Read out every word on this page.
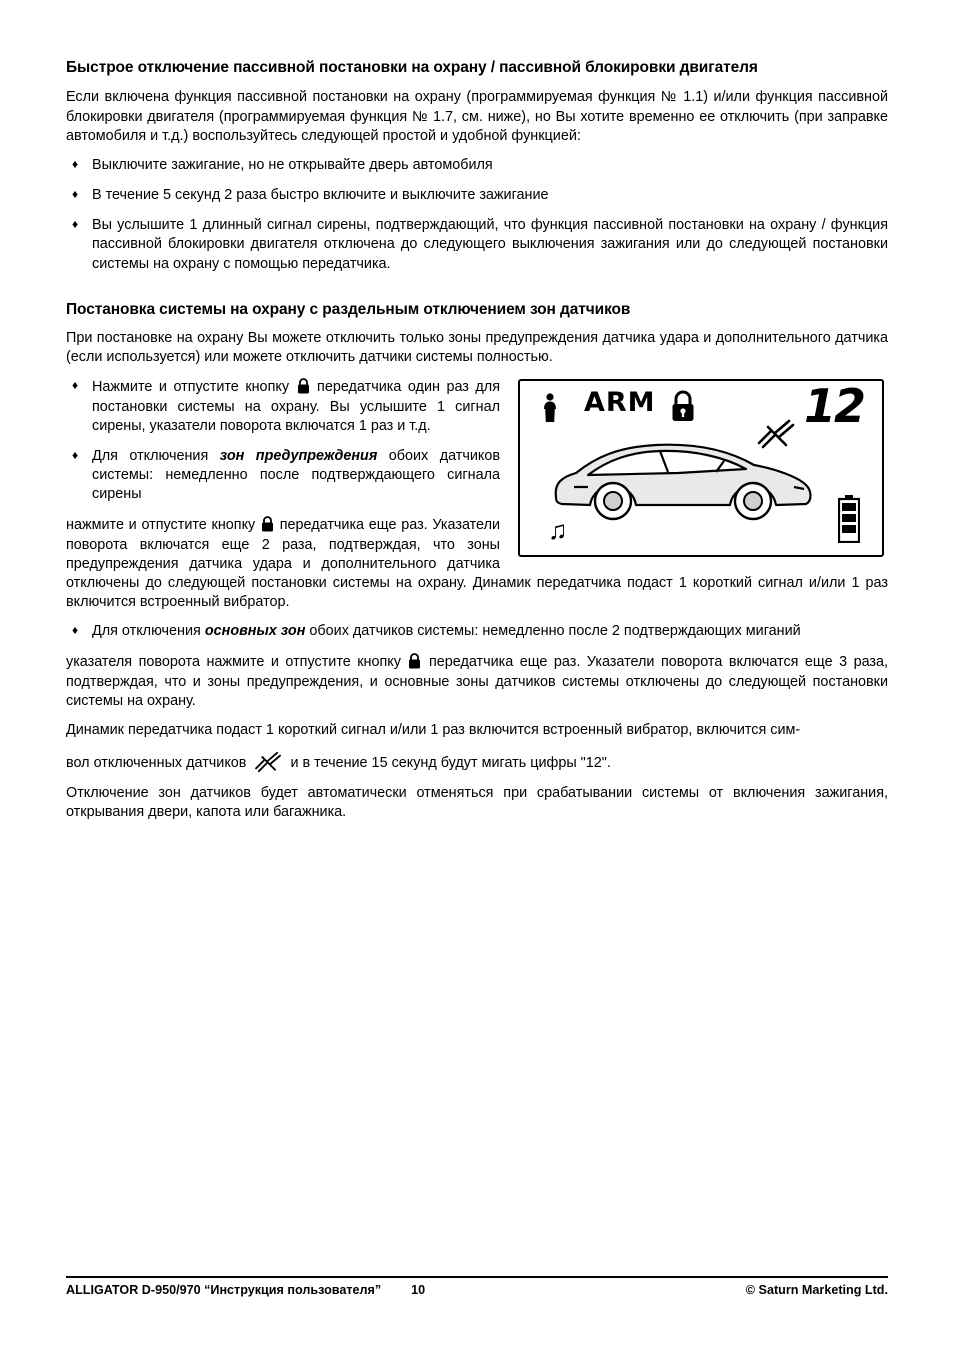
Быстрое отключение пассивной постановки на охрану / пассивной блокировки двигателя

Если включена функция пассивной постановки на охрану (программируемая функция № 1.1) и/или функция пассивной блокировки двигателя (программируемая функция № 1.7, см. ниже), но Вы хотите временно ее отключить (при заправке автомобиля и т.д.) воспользуйтесь следующей простой и удобной функцией:

♦ Выключите зажигание, но не открывайте дверь автомобиля
♦ В течение 5 секунд 2 раза быстро включите и выключите зажигание
♦ Вы услышите 1 длинный сигнал сирены, подтверждающий, что функция пассивной постановки на охрану / функция пассивной блокировки двигателя отключена до следующего выключения зажигания или до следующей постановки системы на охрану с помощью передатчика.
Постановка системы на охрану с раздельным отключением зон датчиков

При постановке на охрану Вы можете отключить только зоны предупреждения датчика удара и дополнительного датчика (если используется) или можете отключить датчики системы полностью.

ARM	12
♫
♦ Нажмите и отпустите кнопку передатчика один раз для постановки системы на охрану. Вы услышите 1 сигнал сирены, указатели поворота включатся 1 раз и т.д.
♦ Для отключения зон предупреждения обоих датчиков системы: немедленно после подтверждающего сигнала сирены

нажмите и отпустите кнопку передатчика еще раз. Указатели поворота включатся еще 2 раза, подтверждая, что зоны предупреждения датчика удара и дополнительного датчика отключены до следующей постановки системы на охрану. Динамик передатчика подаст 1 короткий сигнал и/или 1 раз включится встроенный вибратор.

♦ Для отключения основных зон обоих датчиков системы: немедленно после 2 подтверждающих миганий

указателя поворота нажмите и отпустите кнопку передатчика еще раз. Указатели поворота включатся еще 3 раза, подтверждая, что и зоны предупреждения, и основные зоны датчиков системы отключены до следующей постановки системы на охрану.

Динамик передатчика подаст 1 короткий сигнал и/или 1 раз включится встроенный вибратор, включится сим-

вол отключенных датчиков	и в течение 15 секунд будут мигать цифры "12".

Отключение зон датчиков будет автоматически отменяться при срабатывании системы от включения зажигания, открывания двери, капота или багажника.

ALLIGATOR D-950/970 “Инструкция пользователя” 10	© Saturn Marketing Ltd.
